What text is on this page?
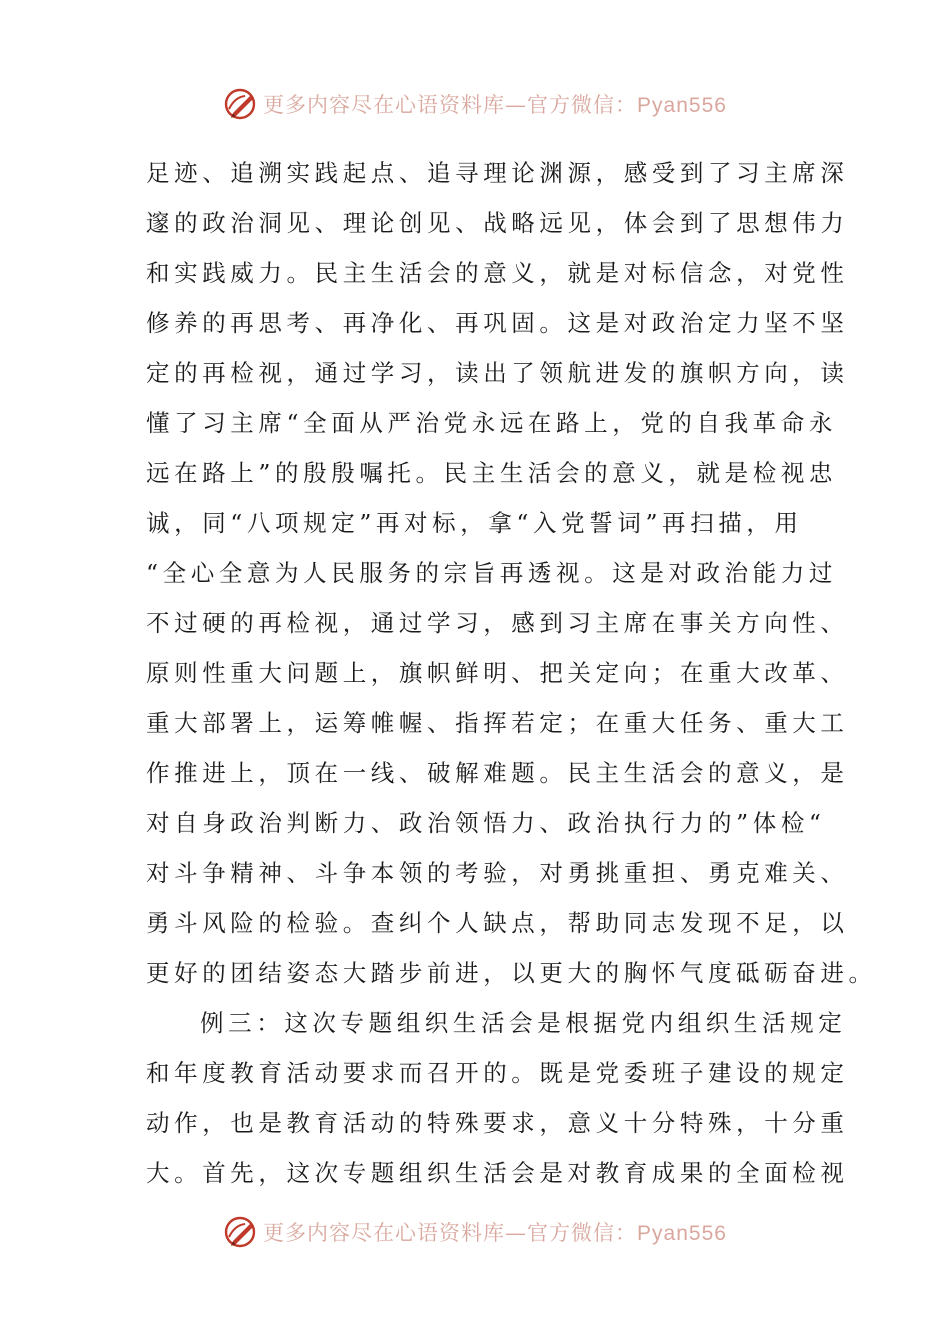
更多内容尽在心语资料库—官方微信：Pyan556
足迹、追溯实践起点、追寻理论渊源，感受到了习主席深
邃的政治洞见、理论创见、战略远见，体会到了思想伟力
和实践威力。民主生活会的意义，就是对标信念，对党性
修养的再思考、再净化、再巩固。这是对政治定力坚不坚
定的再检视，通过学习，读出了领航进发的旗帜方向，读
懂了习主席“全面从严治党永远在路上，党的自我革命永
远在路上”的殷殷嘱托。民主生活会的意义，就是检视忠
诚，同“八项规定”再对标，拿“入党誓词”再扫描，用
“全心全意为人民服务的宗旨再透视。这是对政治能力过
不过硬的再检视，通过学习，感到习主席在事关方向性、
原则性重大问题上，旗帜鲜明、把关定向；在重大改革、
重大部署上，运筹帷幄、指挥若定；在重大任务、重大工
作推进上，顶在一线、破解难题。民主生活会的意义，是
对自身政治判断力、政治领悟力、政治执行力的”体检“
对斗争精神、斗争本领的考验，对勇挑重担、勇克难关、
勇斗风险的检验。查纠个人缺点，帮助同志发现不足，以
更好的团结姿态大踏步前进，以更大的胸怀气度砥砺奋进。
例三：这次专题组织生活会是根据党内组织生活规定
和年度教育活动要求而召开的。既是党委班子建设的规定
动作，也是教育活动的特殊要求，意义十分特殊，十分重
大。首先，这次专题组织生活会是对教育成果的全面检视
更多内容尽在心语资料库—官方微信：Pyan556
